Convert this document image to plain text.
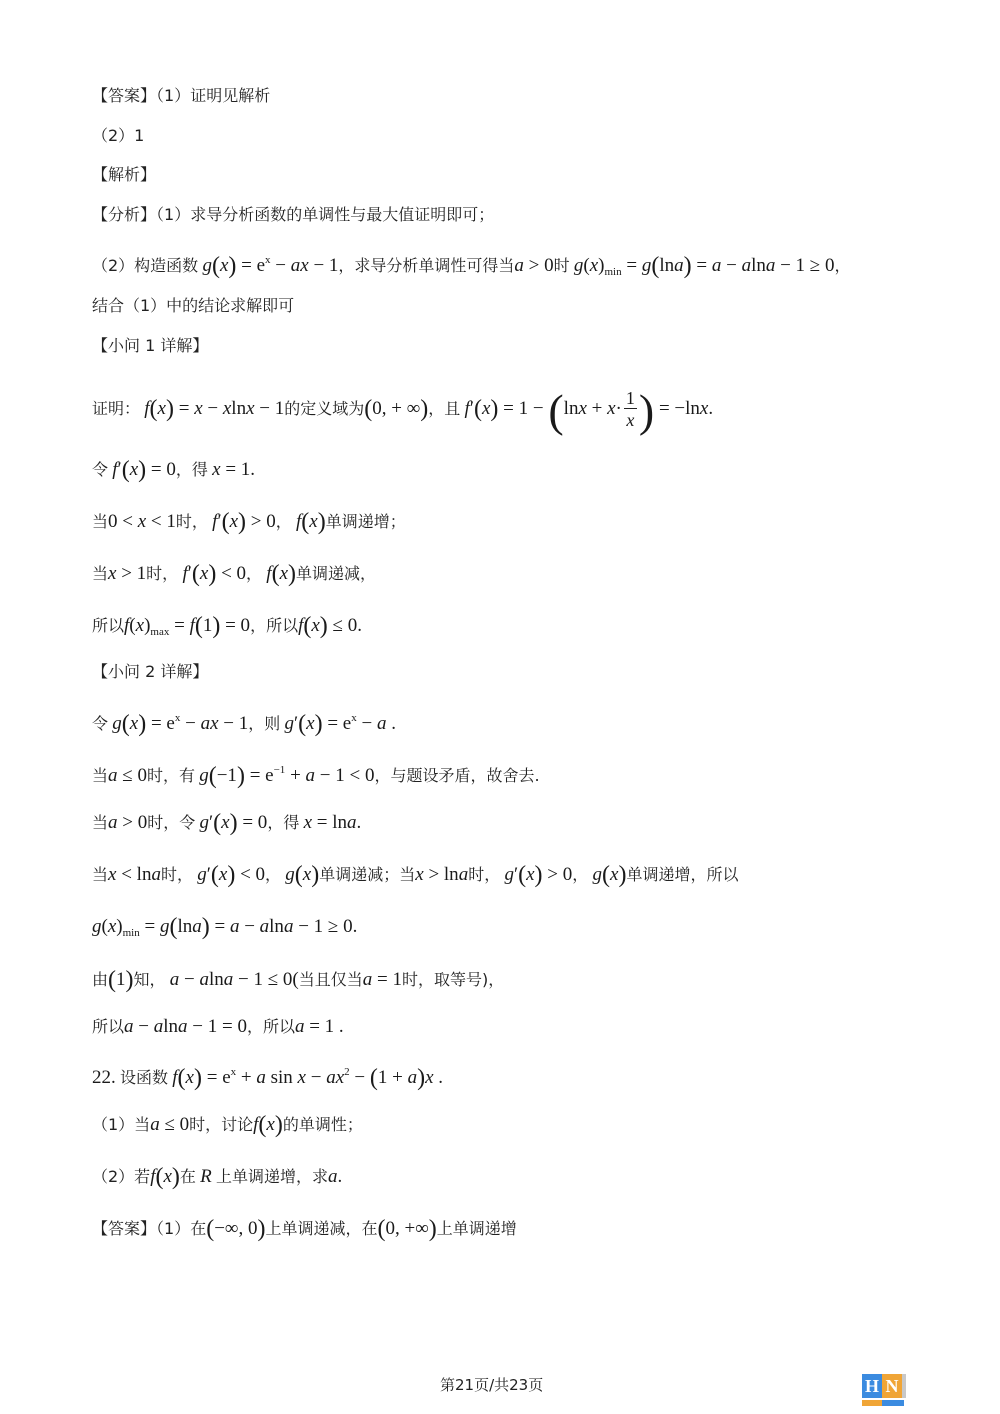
【答案】（1）证明见解析
（2）1
【解析】
【分析】（1）求导分析函数的单调性与最大值证明即可；
（2）构造函数 $g(x) = e^x$ − ax − 1，求导分析单调性可得当a > 0时 $g(x)_{min} = g(\ln a) = a - alna - 1 \ge 0$，
结合（1）中的结论求解即可
【小问 1 详解】
证明： f(x) = x − xlnx − 1的定义域为(0, + ∞)，且 $f'(x) = 1 - (\ln x + x\cdot \frac{1}{x}$ ) = −lnx.
令 f′(x) = 0，得 x = 1.
当0 < x < 1时， f′(x) > 0， f(x)单调递增；
当x > 1时， f′(x) < 0， f(x)单调递减，
所以$f(x)_{max} = f(1) = 0$，所以f(x) ≤ 0.
【小问 2 详解】
令 $g(x) = e^x$ − ax − 1，则 $g'(x) = e^x - a$ .
当a ≤ 0时，有 $g(-1) = e^{-1} + a - 1 < 0$，与题设矛盾，故舍去.
当a > 0时，令 g′(x) = 0，得 x = lna.
当x < lna时， g′(x) < 0， g(x)单调递减；当x > lna时， g′(x) > 0， g(x)单调递增，所以
$g(x)_{min} = g(\ln a) = a - alna - 1 \ge 0$.
由(1)知， a − alna − 1 ≤ 0(当且仅当a = 1时，取等号)，
所以a − alna − 1 = 0，所以a = 1 .
22. 设函数 $f(x) = e^x + a$ $\sin x - ax^2 - (1 + a)x$ .
（1）当a ≤ 0时，讨论f(x)的单调性；
（2）若f(x)在 R 上单调递增，求a.
【答案】（1）在(−∞, 0)上单调递减，在(0, +∞)上单调递增
第21页/共23页	H N
